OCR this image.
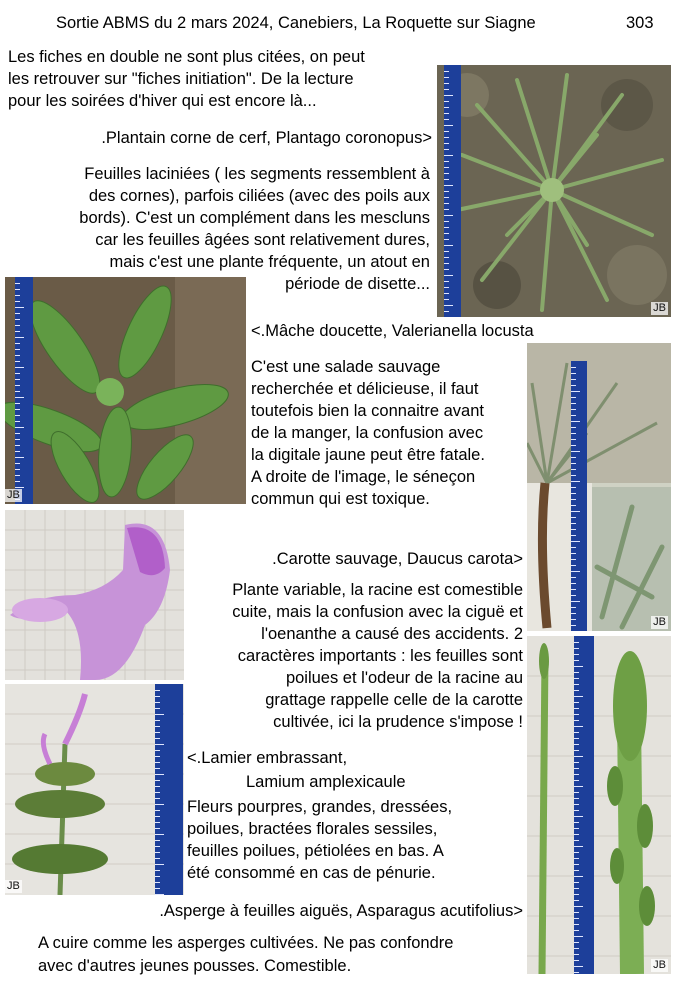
Sortie ABMS du 2 mars 2024, Canebiers, La Roquette sur Siagne	303
Les fiches en double ne sont plus citées, on peut
les retrouver sur "fiches initiation". De la lecture
pour les soirées d'hiver qui est encore là...
.Plantain corne de cerf, Plantago coronopus>
Feuilles laciniées ( les segments ressemblent à
des cornes), parfois ciliées (avec des poils aux
bords). C'est un complément dans les mescluns
car les feuilles âgées sont relativement dures,
mais c'est une plante fréquente, un atout en
période de disette...
JB
JB
<.Mâche doucette, Valerianella locusta
C'est une salade sauvage
recherchée et délicieuse, il faut
toutefois bien la connaitre avant
de la manger, la confusion avec
la digitale jaune peut être fatale.
A droite de l'image, le séneçon
commun qui est toxique.
JB
JB
.Carotte sauvage, Daucus carota>
Plante variable, la racine est comestible
cuite, mais la confusion avec la ciguë et
l'oenanthe a causé des accidents. 2
caractères importants : les feuilles sont
poilues et l'odeur de la racine au
grattage rappelle celle de la carotte
cultivée, ici la prudence s'impose !
JB
<.Lamier embrassant,
Lamium amplexicaule
Fleurs pourpres, grandes, dressées,
poilues, bractées florales sessiles,
feuilles poilues, pétiolées en bas. A
été consommé en cas de pénurie.
.Asperge à feuilles aiguës, Asparagus acutifolius>
A cuire comme les asperges cultivées. Ne pas confondre
avec d'autres jeunes pousses. Comestible.
